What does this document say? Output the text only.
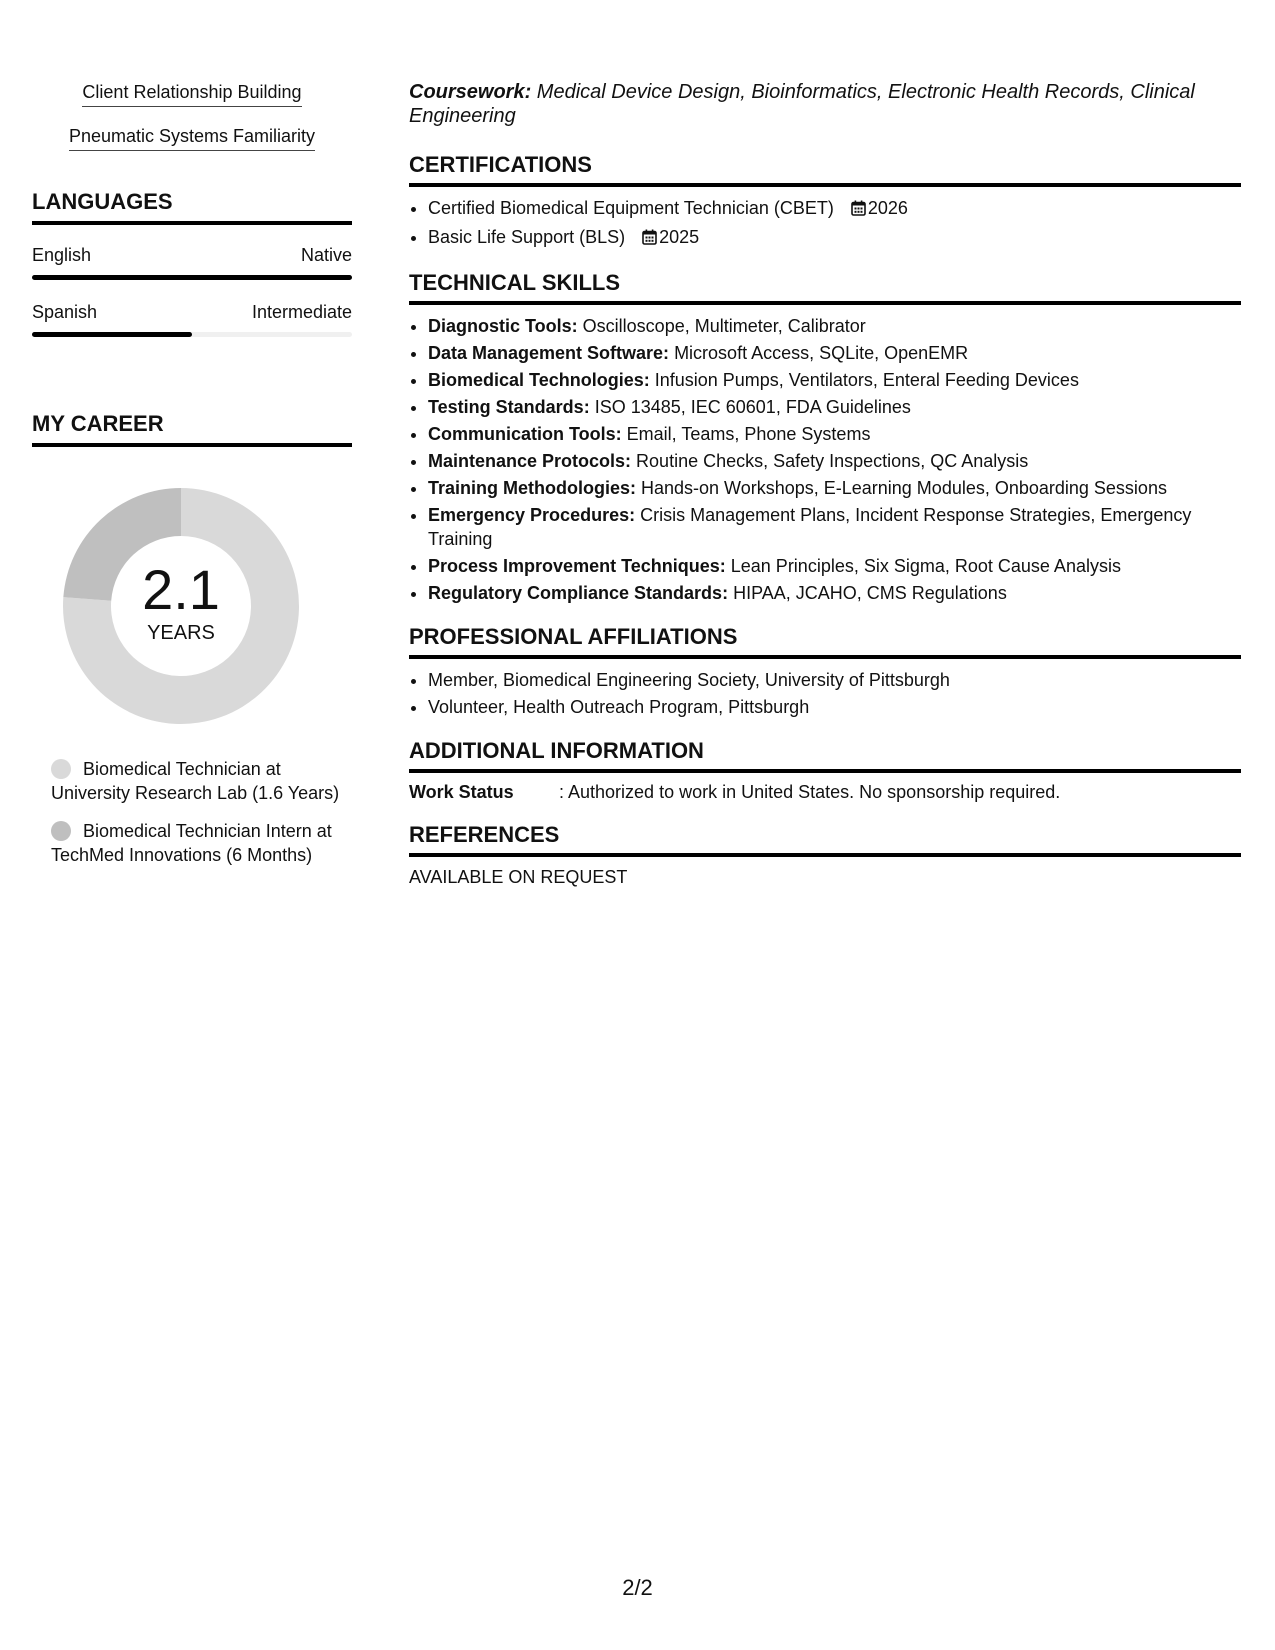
Client Relationship Building
Pneumatic Systems Familiarity
LANGUAGES
English	Native
Spanish	Intermediate
MY CAREER
2.1
YEARS
Biomedical Technician at University Research Lab (1.6 Years)
Biomedical Technician Intern at TechMed Innovations (6 Months)

Coursework: Medical Device Design, Bioinformatics, Electronic Health Records, Clinical Engineering

CERTIFICATIONS
• Certified Biomedical Equipment Technician (CBET) 2026
• Basic Life Support (BLS) 2025
TECHNICAL SKILLS
• Diagnostic Tools: Oscilloscope, Multimeter, Calibrator
• Data Management Software: Microsoft Access, SQLite, OpenEMR
• Biomedical Technologies: Infusion Pumps, Ventilators, Enteral Feeding Devices
• Testing Standards: ISO 13485, IEC 60601, FDA Guidelines
• Communication Tools: Email, Teams, Phone Systems
• Maintenance Protocols: Routine Checks, Safety Inspections, QC Analysis
• Training Methodologies: Hands-on Workshops, E-Learning Modules, Onboarding Sessions
• Emergency Procedures: Crisis Management Plans, Incident Response Strategies, Emergency Training
• Process Improvement Techniques: Lean Principles, Six Sigma, Root Cause Analysis
• Regulatory Compliance Standards: HIPAA, JCAHO, CMS Regulations
PROFESSIONAL AFFILIATIONS
• Member, Biomedical Engineering Society, University of Pittsburgh
• Volunteer, Health Outreach Program, Pittsburgh
ADDITIONAL INFORMATION
Work Status	: Authorized to work in United States. No sponsorship required.
REFERENCES
AVAILABLE ON REQUEST
2/2
